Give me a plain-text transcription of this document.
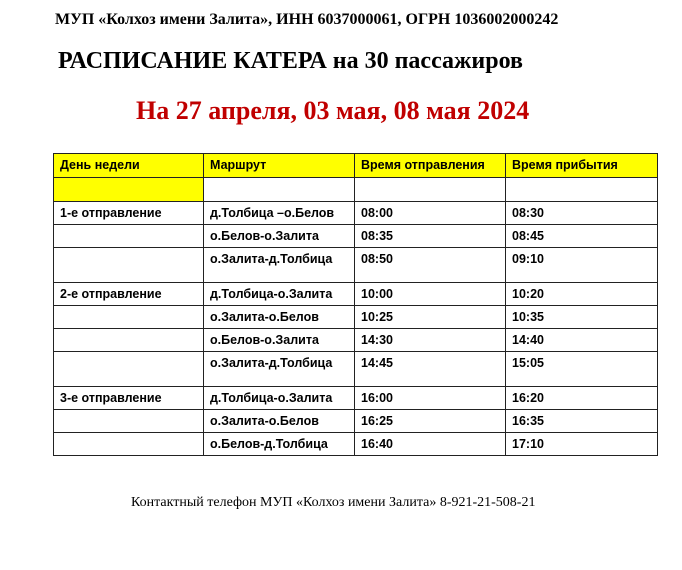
МУП «Колхоз имени Залита», ИНН 6037000061, ОГРН 1036002000242
РАСПИСАНИЕ КАТЕРА на 30 пассажиров
На 27 апреля, 03 мая, 08 мая 2024
День недели	Маршрут	Время отправления	Время прибытия

1-е отправление	д.Толбица –о.Белов	08:00	08:30
	о.Белов-о.Залита	08:35	08:45
	о.Залита-д.Толбица	08:50	09:10
2-е отправление	д.Толбица-о.Залита	10:00	10:20
	о.Залита-о.Белов	10:25	10:35
	о.Белов-о.Залита	14:30	14:40
	о.Залита-д.Толбица	14:45	15:05
3-е отправление	д.Толбица-о.Залита	16:00	16:20
	о.Залита-о.Белов	16:25	16:35
	о.Белов-д.Толбица	16:40	17:10
Контактный телефон МУП «Колхоз имени Залита» 8-921-21-508-21
